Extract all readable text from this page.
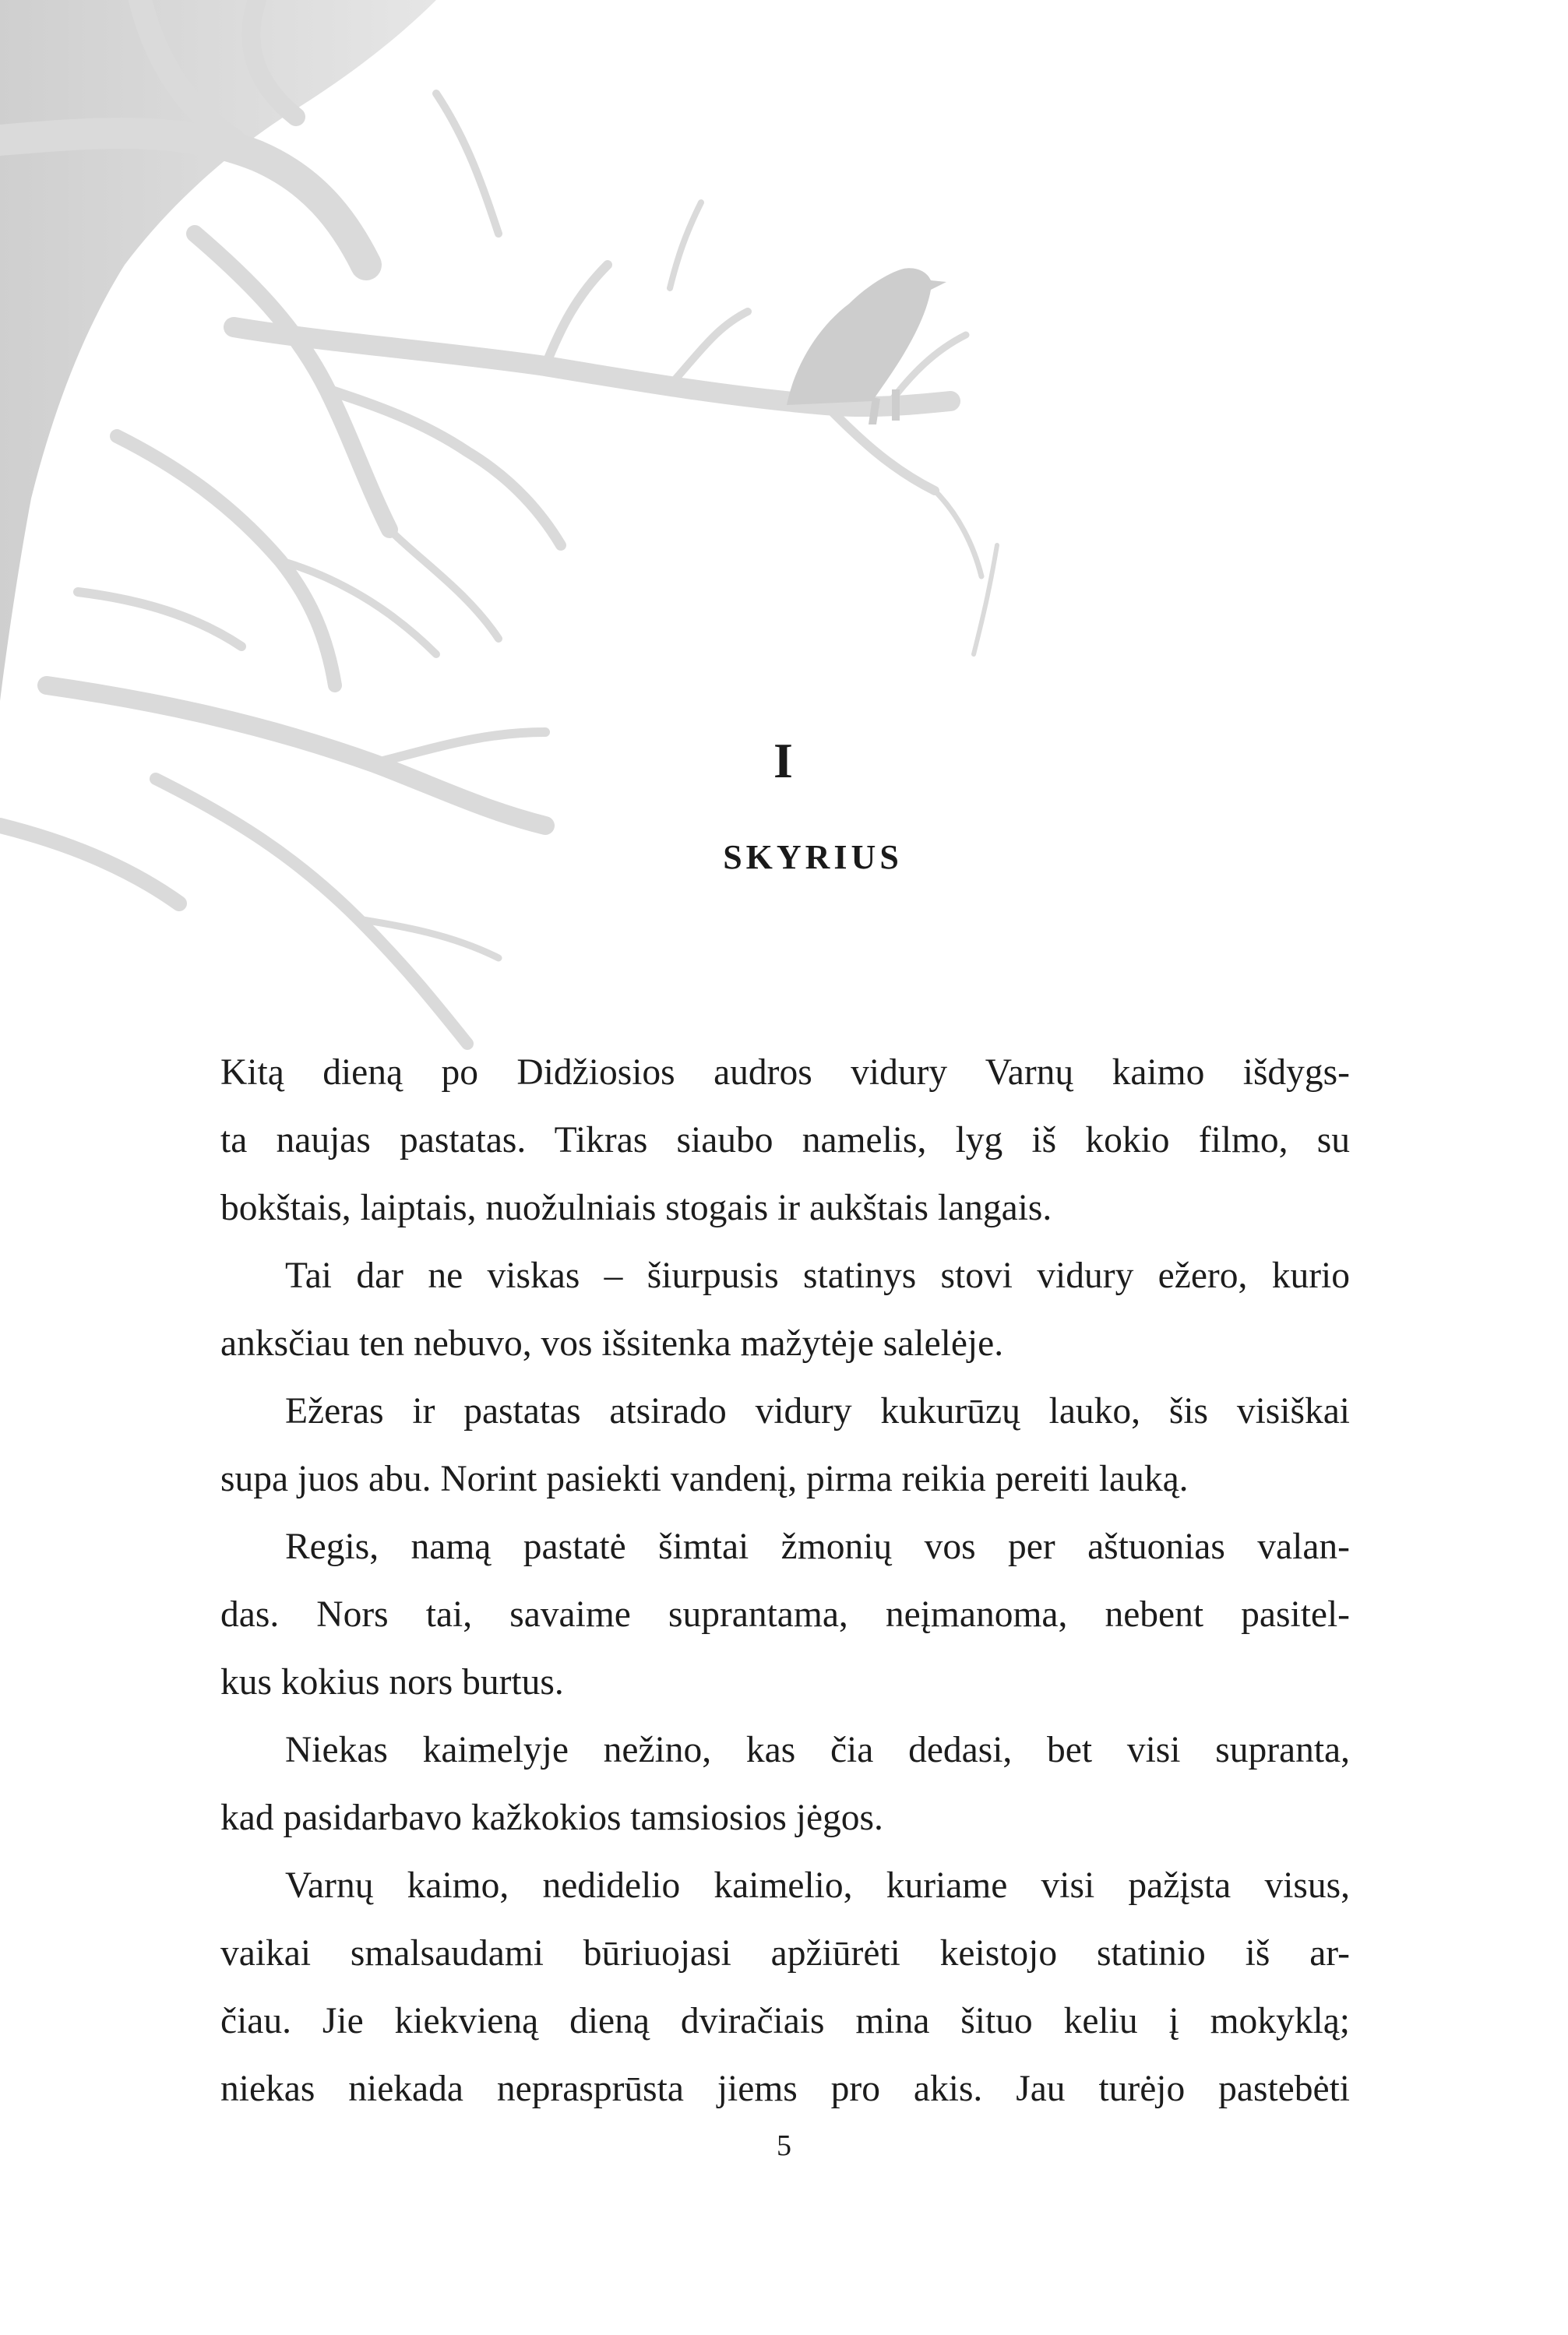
I
SKYRIUS
Kitą dieną po Didžiosios audros vidury Varnų kaimo išdygs-
ta naujas pastatas. Tikras siaubo namelis, lyg iš kokio filmo, su
bokštais, laiptais, nuožulniais stogais ir aukštais langais.
Tai dar ne viskas – šiurpusis statinys stovi vidury ežero, kurio
anksčiau ten nebuvo, vos išsitenka mažytėje salelėje.
Ežeras ir pastatas atsirado vidury kukurūzų lauko, šis visiškai
supa juos abu. Norint pasiekti vandenį, pirma reikia pereiti lauką.
Regis, namą pastatė šimtai žmonių vos per aštuonias valan-
das. Nors tai, savaime suprantama, neįmanoma, nebent pasitel-
kus kokius nors burtus.
Niekas kaimelyje nežino, kas čia dedasi, bet visi supranta,
kad pasidarbavo kažkokios tamsiosios jėgos.
Varnų kaimo, nedidelio kaimelio, kuriame visi pažįsta visus,
vaikai smalsaudami būriuojasi apžiūrėti keistojo statinio iš ar-
čiau. Jie kiekvieną dieną dviračiais mina šituo keliu į mokyklą;
niekas niekada neprasprūsta jiems pro akis. Jau turėjo pastebėti

5
